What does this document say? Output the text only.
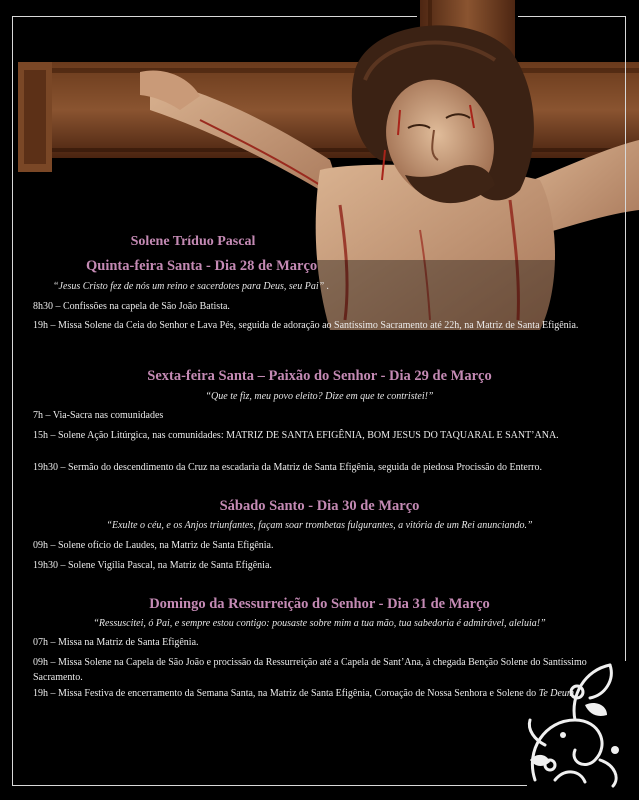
Solene Tríduo Pascal
Quinta-feira Santa - Dia 28 de Março
“Jesus Cristo fez de nós um reino e sacerdotes para Deus, seu Pai” .
8h30 – Confissões na capela de São João Batista.
19h – Missa Solene da Ceia do Senhor e Lava Pés, seguida de adoração ao Santíssimo Sacramento até 22h, na Matriz de Santa Efigênia.
Sexta-feira Santa – Paixão do Senhor - Dia 29 de Março
“Que te fiz, meu povo eleito? Dize em que te contristei!”
7h – Via-Sacra nas comunidades
15h – Solene Ação Litúrgica, nas comunidades: MATRIZ DE SANTA EFIGÊNIA, BOM JESUS DO TAQUARAL E SANT’ANA.
19h30 – Sermão do descendimento da Cruz na escadaria da Matriz de Santa Efigênia, seguida de piedosa Procissão do Enterro.
Sábado Santo - Dia 30 de Março
“Exulte o céu, e os Anjos triunfantes, façam soar trombetas fulgurantes, a vitória de um Rei anunciando.”
09h – Solene ofício de Laudes, na Matriz de Santa Efigênia.
19h30 – Solene Vigília Pascal, na Matriz de Santa Efigênia.
Domingo da Ressurreição do Senhor - Dia 31 de Março
“Ressuscitei, ó Pai, e sempre estou contigo: pousaste sobre mim a tua mão, tua sabedoria é admirável, aleluia!”
07h – Missa na Matriz de Santa Efigênia.
09h – Missa Solene na Capela de São João e procissão da Ressurreição até a Capela de Sant’Ana, à chegada Benção Solene do Santíssimo Sacramento.
19h – Missa Festiva de encerramento da Semana Santa, na Matriz de Santa Efigênia, Coroação de Nossa Senhora e Solene do Te Deum.
